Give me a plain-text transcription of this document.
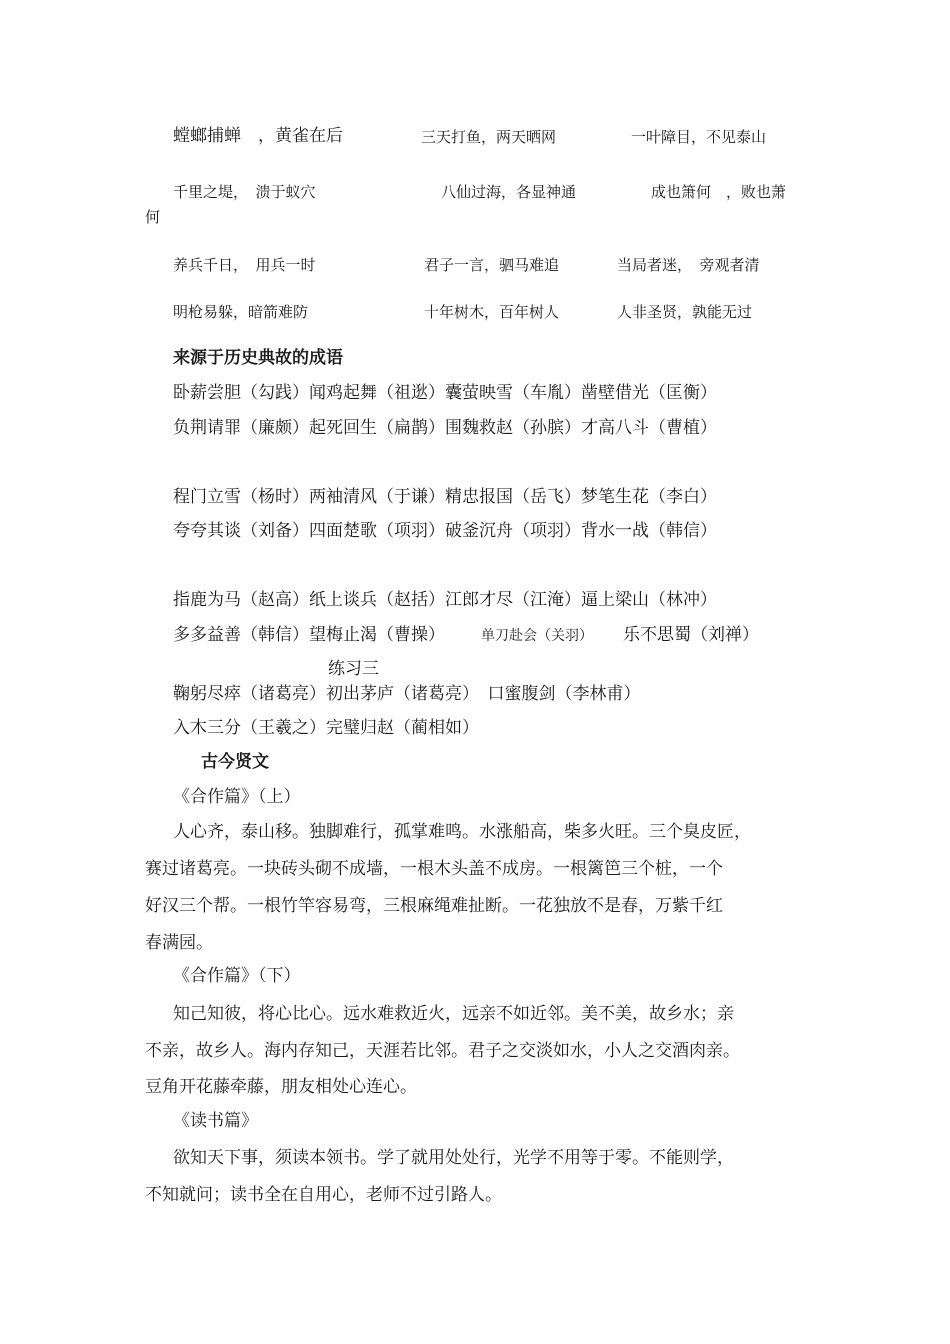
螳螂捕蝉　，黄雀在后	三天打鱼，两天晒网	一叶障目，不见泰山
千里之堤，　溃于蚁穴	八仙过海，各显神通	成也箫何　，败也萧
何
养兵千日，　用兵一时	君子一言，驷马难追	当局者迷，　旁观者清
明枪易躲，暗箭难防	十年树木，百年树人	人非圣贤，孰能无过
来源于历史典故的成语
卧薪尝胆（勾践）闻鸡起舞（祖逖）囊萤映雪（车胤）凿壁借光（匡衡）
负荆请罪（廉颇）起死回生（扁鹊）围魏救赵（孙膑）才高八斗（曹植）
程门立雪（杨时）两袖清风（于谦）精忠报国（岳飞）梦笔生花（李白）
夸夸其谈（刘备）四面楚歌（项羽）破釜沉舟（项羽）背水一战（韩信）
指鹿为马（赵高）纸上谈兵（赵括）江郎才尽（江淹）逼上梁山（林冲）
多多益善（韩信）望梅止渴（曹操）	单刀赴会（关羽） 乐不思蜀（刘禅）
练习三
鞠躬尽瘁（诸葛亮）初出茅庐（诸葛亮）　口蜜腹剑（李林甫）
入木三分（王羲之）完璧归赵（蔺相如）
古今贤文
《合作篇》（上）
人心齐，泰山移。独脚难行，孤掌难鸣。水涨船高，柴多火旺。三个臭皮匠，
赛过诸葛亮。一块砖头砌不成墙，一根木头盖不成房。一根篱笆三个桩，一个
好汉三个帮。一根竹竿容易弯，三根麻绳难扯断。一花独放不是春，万紫千红
春满园。
《合作篇》（下）
知己知彼，将心比心。远水难救近火，远亲不如近邻。美不美，故乡水；亲
不亲，故乡人。海内存知己，天涯若比邻。君子之交淡如水，小人之交酒肉亲。
豆角开花藤牵藤，朋友相处心连心。
《读书篇》
欲知天下事，须读本领书。学了就用处处行，光学不用等于零。不能则学，
不知就问；读书全在自用心，老师不过引路人。
